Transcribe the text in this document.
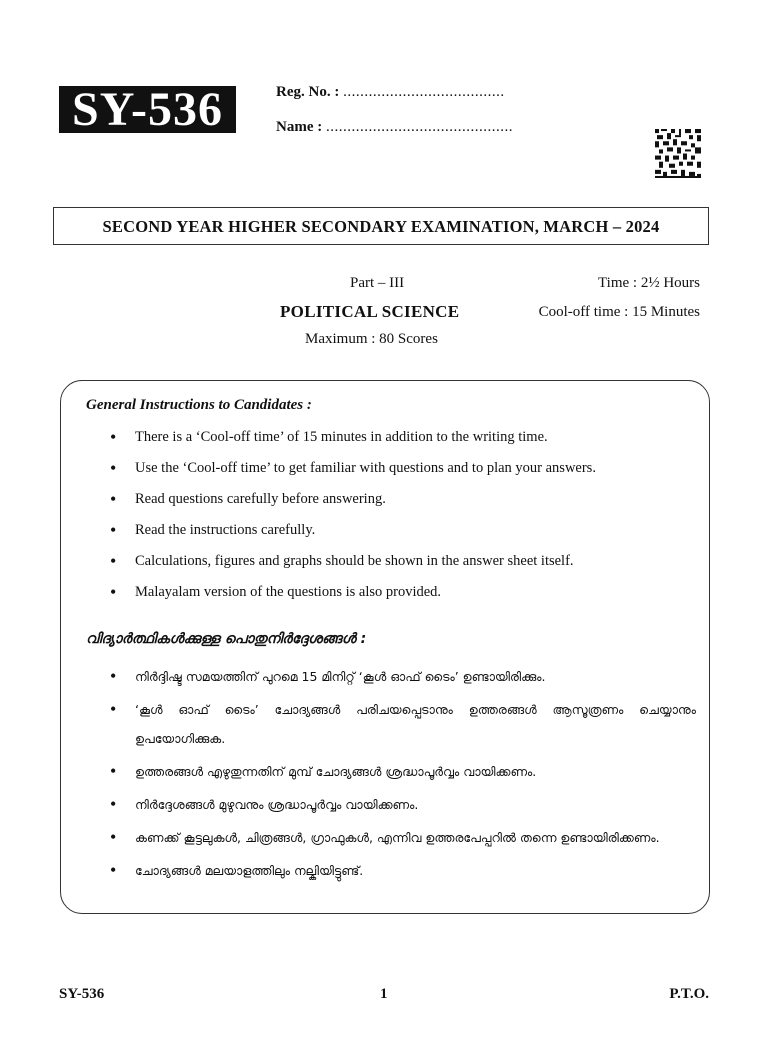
SY-536	Reg. No. : ......................................
Name : ............................................
SECOND YEAR HIGHER SECONDARY EXAMINATION, MARCH – 2024
Part – III	Time : 2½ Hours
POLITICAL SCIENCE	Cool-off time : 15 Minutes
Maximum : 80 Scores
General Instructions to Candidates :
• There is a ‘Cool-off time’ of 15 minutes in addition to the writing time.
• Use the ‘Cool-off time’ to get familiar with questions and to plan your answers.
• Read questions carefully before answering.
• Read the instructions carefully.
• Calculations, figures and graphs should be shown in the answer sheet itself.
• Malayalam version of the questions is also provided.
വിദ്യാർത്ഥികൾക്കുള്ള പൊതുനിർദ്ദേശങ്ങൾ :
• നിർദ്ദിഷ്ട സമയത്തിന് പുറമെ 15 മിനിറ്റ് ‘കൂൾ ഓഫ് ടൈം’ ഉണ്ടായിരിക്കും.
• ‘കൂൾ ഓഫ് ടൈം’ ചോദ്യങ്ങൾ പരിചയപ്പെടാനും ഉത്തരങ്ങൾ ആസൂത്രണം ചെയ്യാനും ഉപയോഗിക്കുക.
• ഉത്തരങ്ങൾ എഴുതുന്നതിന് മുമ്പ് ചോദ്യങ്ങൾ ശ്രദ്ധാപൂർവ്വം വായിക്കണം.
• നിർദ്ദേശങ്ങൾ മുഴുവനും ശ്രദ്ധാപൂർവ്വം വായിക്കണം.
• കണക്ക് കൂട്ടലുകൾ, ചിത്രങ്ങൾ, ഗ്രാഫുകൾ, എന്നിവ ഉത്തരപേപ്പറിൽ തന്നെ ഉണ്ടായിരിക്കണം.
• ചോദ്യങ്ങൾ മലയാളത്തിലും നല്കിയിട്ടുണ്ട്.
SY-536	1	P.T.O.
